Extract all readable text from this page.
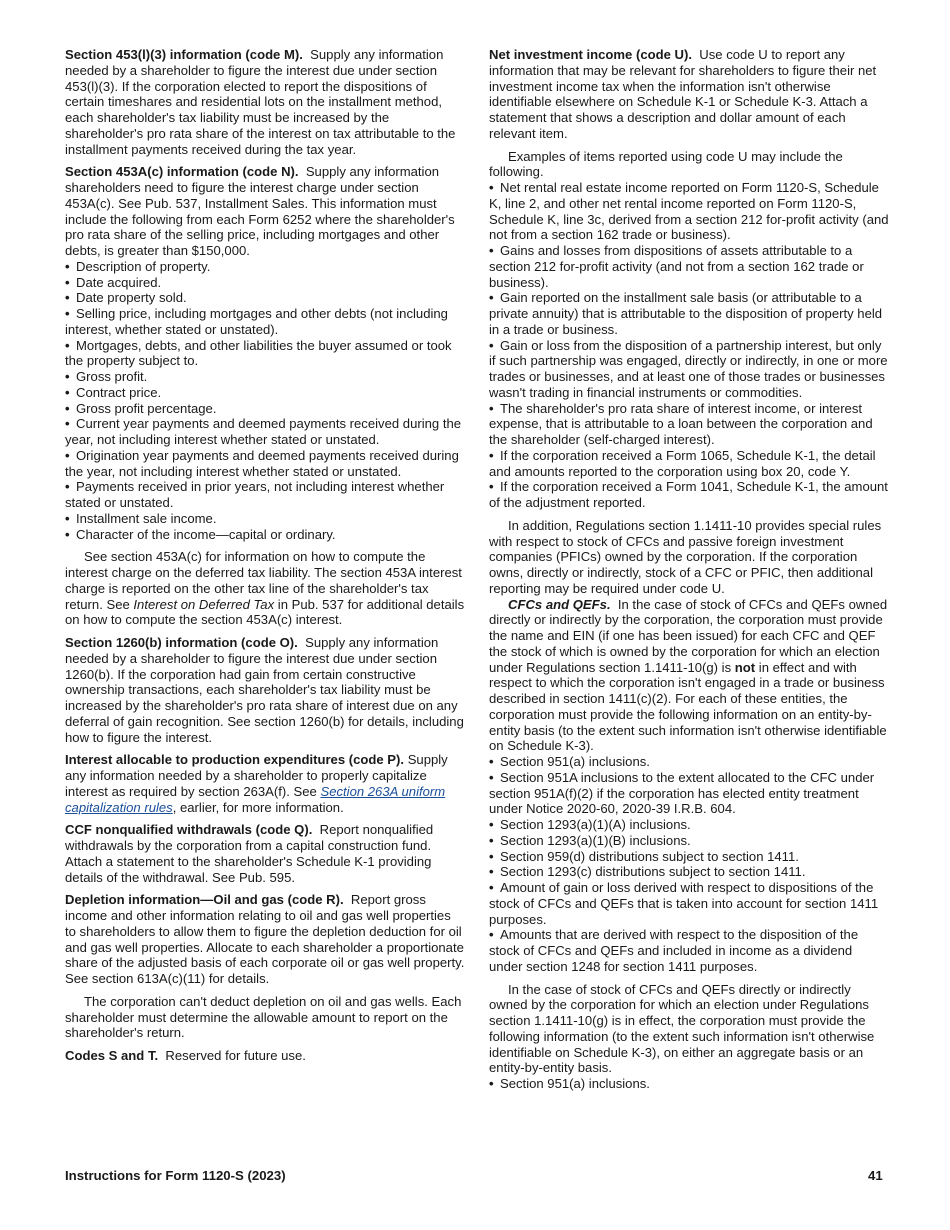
Section 453(l)(3) information (code M). Supply any information needed by a shareholder to figure the interest due under section 453(l)(3). If the corporation elected to report the dispositions of certain timeshares and residential lots on the installment method, each shareholder's tax liability must be increased by the shareholder's pro rata share of the interest on tax attributable to the installment payments received during the tax year.

Section 453A(c) information (code N). Supply any information shareholders need to figure the interest charge under section 453A(c). See Pub. 537, Installment Sales. This information must include the following from each Form 6252 where the shareholder's pro rata share of the selling price, including mortgages and other debts, is greater than $150,000.

• Description of property.

• Date acquired.

• Date property sold.

• Selling price, including mortgages and other debts (not including interest, whether stated or unstated).

• Mortgages, debts, and other liabilities the buyer assumed or took the property subject to.

• Gross profit.

• Contract price.

• Gross profit percentage.

• Current year payments and deemed payments received during the year, not including interest whether stated or unstated.

• Origination year payments and deemed payments received during the year, not including interest whether stated or unstated.

• Payments received in prior years, not including interest whether stated or unstated.

• Installment sale income.

• Character of the income—capital or ordinary.

See section 453A(c) for information on how to compute the interest charge on the deferred tax liability. The section 453A interest charge is reported on the other tax line of the shareholder's tax return. See Interest on Deferred Tax in Pub. 537 for additional details on how to compute the section 453A(c) interest.

Section 1260(b) information (code O). Supply any information needed by a shareholder to figure the interest due under section 1260(b). If the corporation had gain from certain constructive ownership transactions, each shareholder's tax liability must be increased by the shareholder's pro rata share of interest due on any deferral of gain recognition. See section 1260(b) for details, including how to figure the interest.

Interest allocable to production expenditures (code P). Supply any information needed by a shareholder to properly capitalize interest as required by section 263A(f). See Section 263A uniform capitalization rules, earlier, for more information.

CCF nonqualified withdrawals (code Q). Report nonqualified withdrawals by the corporation from a capital construction fund. Attach a statement to the shareholder's Schedule K-1 providing details of the withdrawal. See Pub. 595.

Depletion information—Oil and gas (code R). Report gross income and other information relating to oil and gas well properties to shareholders to allow them to figure the depletion deduction for oil and gas well properties. Allocate to each shareholder a proportionate share of the adjusted basis of each corporate oil or gas well property. See section 613A(c)(11) for details.

The corporation can't deduct depletion on oil and gas wells. Each shareholder must determine the allowable amount to report on the shareholder's return.

Codes S and T. Reserved for future use.

Net investment income (code U). Use code U to report any information that may be relevant for shareholders to figure their net investment income tax when the information isn't otherwise identifiable elsewhere on Schedule K-1 or Schedule K-3. Attach a statement that shows a description and dollar amount of each relevant item.

Examples of items reported using code U may include the following.

• Net rental real estate income reported on Form 1120-S, Schedule K, line 2, and other net rental income reported on Form 1120-S, Schedule K, line 3c, derived from a section 212 for-profit activity (and not from a section 162 trade or business).

• Gains and losses from dispositions of assets attributable to a section 212 for-profit activity (and not from a section 162 trade or business).

• Gain reported on the installment sale basis (or attributable to a private annuity) that is attributable to the disposition of property held in a trade or business.

• Gain or loss from the disposition of a partnership interest, but only if such partnership was engaged, directly or indirectly, in one or more trades or businesses, and at least one of those trades or businesses wasn't trading in financial instruments or commodities.

• The shareholder's pro rata share of interest income, or interest expense, that is attributable to a loan between the corporation and the shareholder (self-charged interest).

• If the corporation received a Form 1065, Schedule K-1, the detail and amounts reported to the corporation using box 20, code Y.

• If the corporation received a Form 1041, Schedule K-1, the amount of the adjustment reported.

In addition, Regulations section 1.1411-10 provides special rules with respect to stock of CFCs and passive foreign investment companies (PFICs) owned by the corporation. If the corporation owns, directly or indirectly, stock of a CFC or PFIC, then additional reporting may be required under code U.

CFCs and QEFs. In the case of stock of CFCs and QEFs owned directly or indirectly by the corporation, the corporation must provide the name and EIN (if one has been issued) for each CFC and QEF the stock of which is owned by the corporation for which an election under Regulations section 1.1411-10(g) is not in effect and with respect to which the corporation isn't engaged in a trade or business described in section 1411(c)(2). For each of these entities, the corporation must provide the following information on an entity-by-entity basis (to the extent such information isn't otherwise identifiable on Schedule K-3).

• Section 951(a) inclusions.

• Section 951A inclusions to the extent allocated to the CFC under section 951A(f)(2) if the corporation has elected entity treatment under Notice 2020-60, 2020-39 I.R.B. 604.

• Section 1293(a)(1)(A) inclusions.

• Section 1293(a)(1)(B) inclusions.

• Section 959(d) distributions subject to section 1411.

• Section 1293(c) distributions subject to section 1411.

• Amount of gain or loss derived with respect to dispositions of the stock of CFCs and QEFs that is taken into account for section 1411 purposes.

• Amounts that are derived with respect to the disposition of the stock of CFCs and QEFs and included in income as a dividend under section 1248 for section 1411 purposes.

In the case of stock of CFCs and QEFs directly or indirectly owned by the corporation for which an election under Regulations section 1.1411-10(g) is in effect, the corporation must provide the following information (to the extent such information isn't otherwise identifiable on Schedule K-3), on either an aggregate basis or an entity-by-entity basis.

• Section 951(a) inclusions.

Instructions for Form 1120-S (2023)	41
